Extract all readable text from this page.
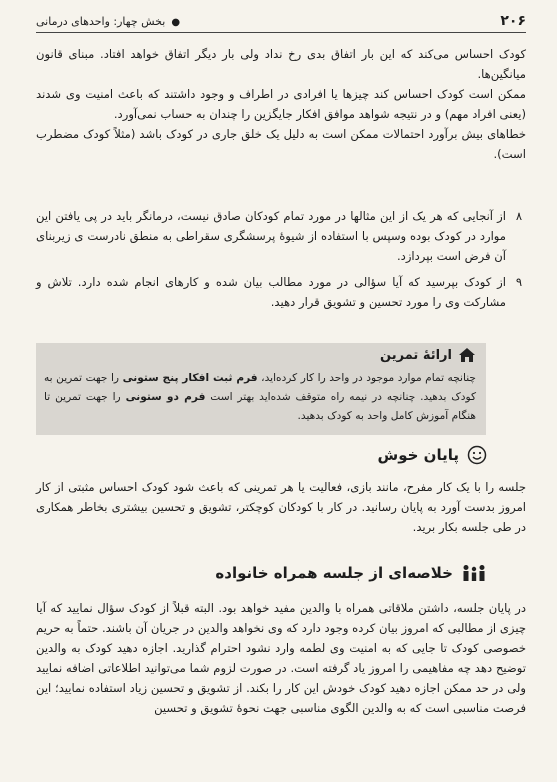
۲۰۶
●بخش چهار: واحدهای درمانی

کودک احساس می‌کند که این بار اتفاق بدی رخ نداد ولی بار دیگر اتفاق خواهد افتاد. مبنای قانون میانگین‌ها.

ممکن است کودک احساس کند چیزها یا افرادی در اطراف و وجود داشتند که باعث امنیت وی شدند (یعنی افراد مهم) و در نتیجه شواهد موافق افکار جایگزین را چندان به حساب نمی‌آورد.

خطاهای بیش برآورد احتمالات ممکن است به دلیل یک خلق جاری در کودک باشد (مثلاً کودک مضطرب است).

۸

از آنجایی که هر یک از این مثالها در مورد تمام کودکان صادق نیست، درمانگر باید در پی یافتن این موارد در کودک بوده وسپس با استفاده از شیوهٔ پرسشگری سقراطی به منطق نادرست ی زیربنای آن فرض است بپردازد.

۹

از کودک بپرسید که آیا سؤالی در مورد مطالب بیان شده و کارهای انجام شده دارد. تلاش و مشارکت وی را مورد تحسین و تشویق قرار دهید.

ارائهٔ تمرین
چنانچه تمام موارد موجود در واحد را کار کرده‌اید، فرم ثبت افکار پنج ستونی را جهت تمرین به کودک بدهید. چنانچه در نیمه راه متوقف شده‌اید بهتر است فرم دو ستونی را جهت تمرین تا هنگام آموزش کامل واحد به کودک بدهید.
پایان خوش

جلسه را با یک کار مفرح، مانند بازی، فعالیت یا هر تمرینی که باعث شود کودک احساس مثبتی از کار امروز بدست آورد به پایان رسانید. در کار با کودکان کوچکتر، تشویق و تحسین بیشتری بخاطر همکاری در طی جلسه بکار برید.

خلاصه‌ای از جلسه همراه خانواده

در پایان جلسه، داشتن ملاقاتی همراه با والدین مفید خواهد بود. البته قبلاً از کودک سؤال نمایید که آیا چیزی از مطالبی که امروز بیان کرده وجود دارد که وی نخواهد والدین در جریان آن باشند. حتماً به حریم خصوصی کودک تا جایی که به امنیت وی لطمه وارد نشود احترام گذارید. اجازه دهید کودک به والدین توضیح دهد چه مفاهیمی را امروز یاد گرفته است. در صورت لزوم شما می‌توانید اطلاعاتی اضافه نمایید ولی در حد ممکن اجازه دهید کودک خودش این کار را بکند. از تشویق و تحسین زیاد استفاده نمایید؛ این فرصت مناسبی است که به والدین الگوی مناسبی جهت نحوهٔ تشویق و تحسین
